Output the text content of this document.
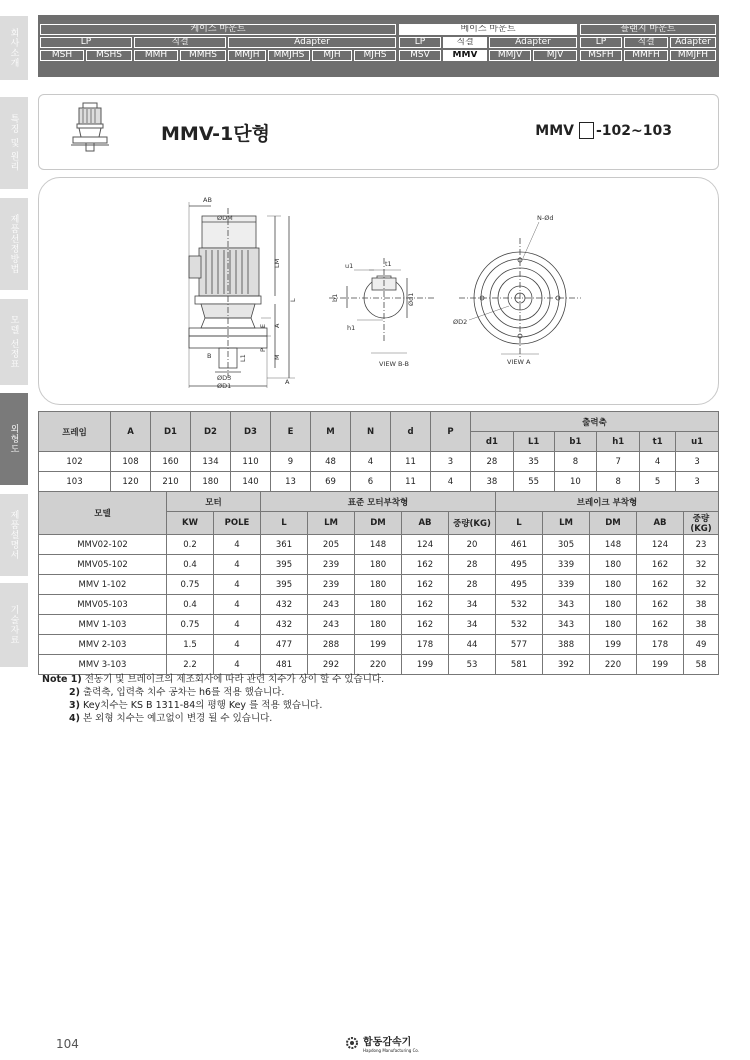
회사소개
특징 및 원리
제품선정방법
모델 선정표
외형도
제품설명서
기술자료
케이스 마운트	베이스 마운트	플랜지 마운트
LP	직결	Adapter	LP	직결	Adapter	LP	직결	Adapter
MSH	MSHS	MMH	MMHS	MMJH	MMJHS	MJH	MJHS	MSV	MMV	MMJV	MJV	MSFH	MMFH	MMJFH
MMV-1단형	MMV -102~103
AB
ØDM
LM
L
A
E
P
M
B	L1
ØD3
ØD1	A
u1	t1
b1
h1
Ød1
VIEW B-B
N-Ød
ØD2
VIEW A
프레임	A	D1	D2	D3	E	M	N	d	P	출력축					
										d1	L1	b1	h1	t1	u1
102	108	160	134	110	9	48	4	11	3	28	35	8	7	4	3
103	120	210	180	140	13	69	6	11	4	38	55	10	8	5	3
모델	모터		표준 모터부착형					브레이크 부착형				
	KW	POLE	L	LM	DM	AB	중량(KG)	L	LM	DM	AB	중량(KG)
MMV02-102	0.2	4	361	205	148	124	20	461	305	148	124	23
MMV05-102	0.4	4	395	239	180	162	28	495	339	180	162	32
MMV 1-102	0.75	4	395	239	180	162	28	495	339	180	162	32
MMV05-103	0.4	4	432	243	180	162	34	532	343	180	162	38
MMV 1-103	0.75	4	432	243	180	162	34	532	343	180	162	38
MMV 2-103	1.5	4	477	288	199	178	44	577	388	199	178	49
MMV 3-103	2.2	4	481	292	220	199	53	581	392	220	199	58
Note 1) 전동기 및 브레이크의 제조회사에 따라 관련 치수가 상이 할 수 있습니다.
2) 출력축, 입력축 치수 공차는 h6를 적용 했습니다.
3) Key치수는 KS B 1311-84의 평행 Key 를 적용 했습니다.
4) 본 외형 치수는 예고없이 변경 될 수 있습니다.
104	합동감속기
Hapdong Manufacturing Co.
